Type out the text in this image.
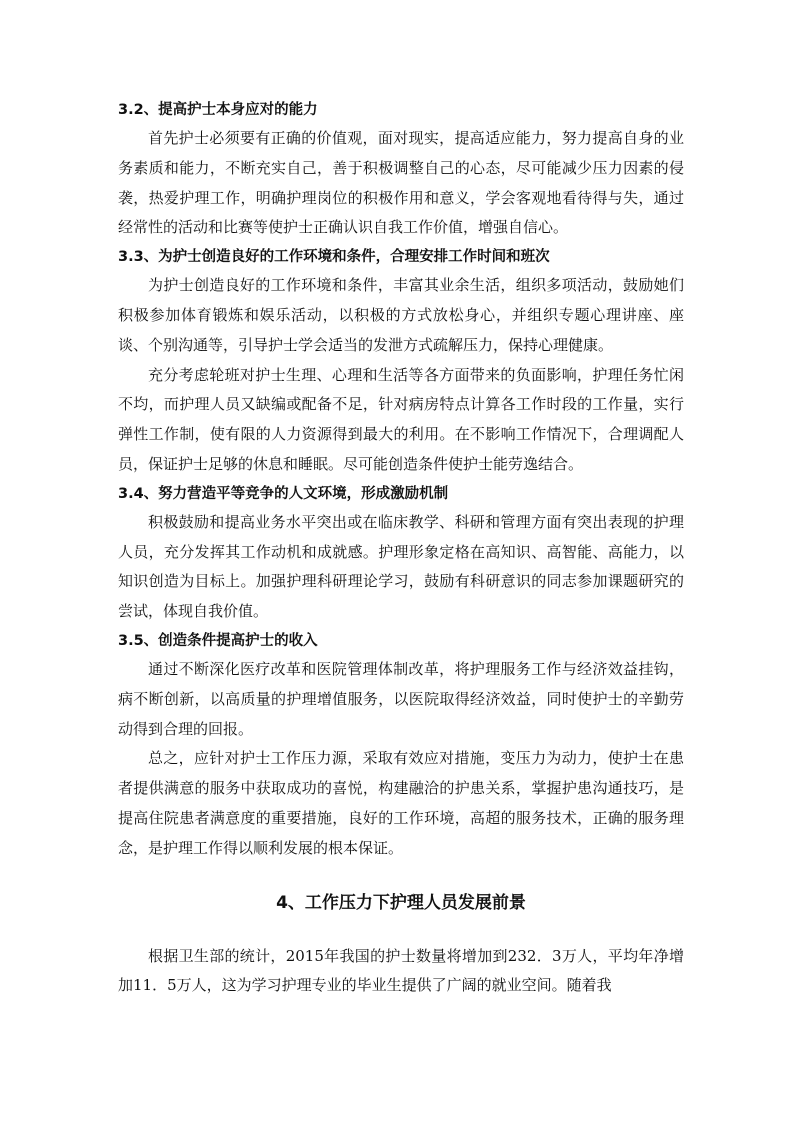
3.2、提高护士本身应对的能力

首先护士必须要有正确的价值观，面对现实，提高适应能力，努力提高自身的业务素质和能力，不断充实自己，善于积极调整自己的心态，尽可能减少压力因素的侵袭，热爱护理工作，明确护理岗位的积极作用和意义，学会客观地看待得与失，通过经常性的活动和比赛等使护士正确认识自我工作价值，增强自信心。

3.3、为护士创造良好的工作环境和条件，合理安排工作时间和班次

为护士创造良好的工作环境和条件，丰富其业余生活，组织多项活动，鼓励她们积极参加体育锻炼和娱乐活动，以积极的方式放松身心，并组织专题心理讲座、座谈、个别沟通等，引导护士学会适当的发泄方式疏解压力，保持心理健康。

充分考虑轮班对护士生理、心理和生活等各方面带来的负面影响，护理任务忙闲不均，而护理人员又缺编或配备不足，针对病房特点计算各工作时段的工作量，实行弹性工作制，使有限的人力资源得到最大的利用。在不影响工作情况下，合理调配人员，保证护士足够的休息和睡眠。尽可能创造条件使护士能劳逸结合。

3.4、努力营造平等竞争的人文环境，形成激励机制

积极鼓励和提高业务水平突出或在临床教学、科研和管理方面有突出表现的护理人员，充分发挥其工作动机和成就感。护理形象定格在高知识、高智能、高能力，以知识创造为目标上。加强护理科研理论学习，鼓励有科研意识的同志参加课题研究的尝试，体现自我价值。

3.5、创造条件提高护士的收入

通过不断深化医疗改革和医院管理体制改革，将护理服务工作与经济效益挂钩，病不断创新，以高质量的护理增值服务，以医院取得经济效益，同时使护士的辛勤劳动得到合理的回报。

总之，应针对护士工作压力源，采取有效应对措施，变压力为动力，使护士在患者提供满意的服务中获取成功的喜悦，构建融洽的护患关系，掌握护患沟通技巧，是提高住院患者满意度的重要措施，良好的工作环境，高超的服务技术，正确的服务理念，是护理工作得以顺利发展的根本保证。

4、工作压力下护理人员发展前景

根据卫生部的统计，2015年我国的护士数量将增加到232．3万人，平均年净增加11．5万人，这为学习护理专业的毕业生提供了广阔的就业空间。随着我
